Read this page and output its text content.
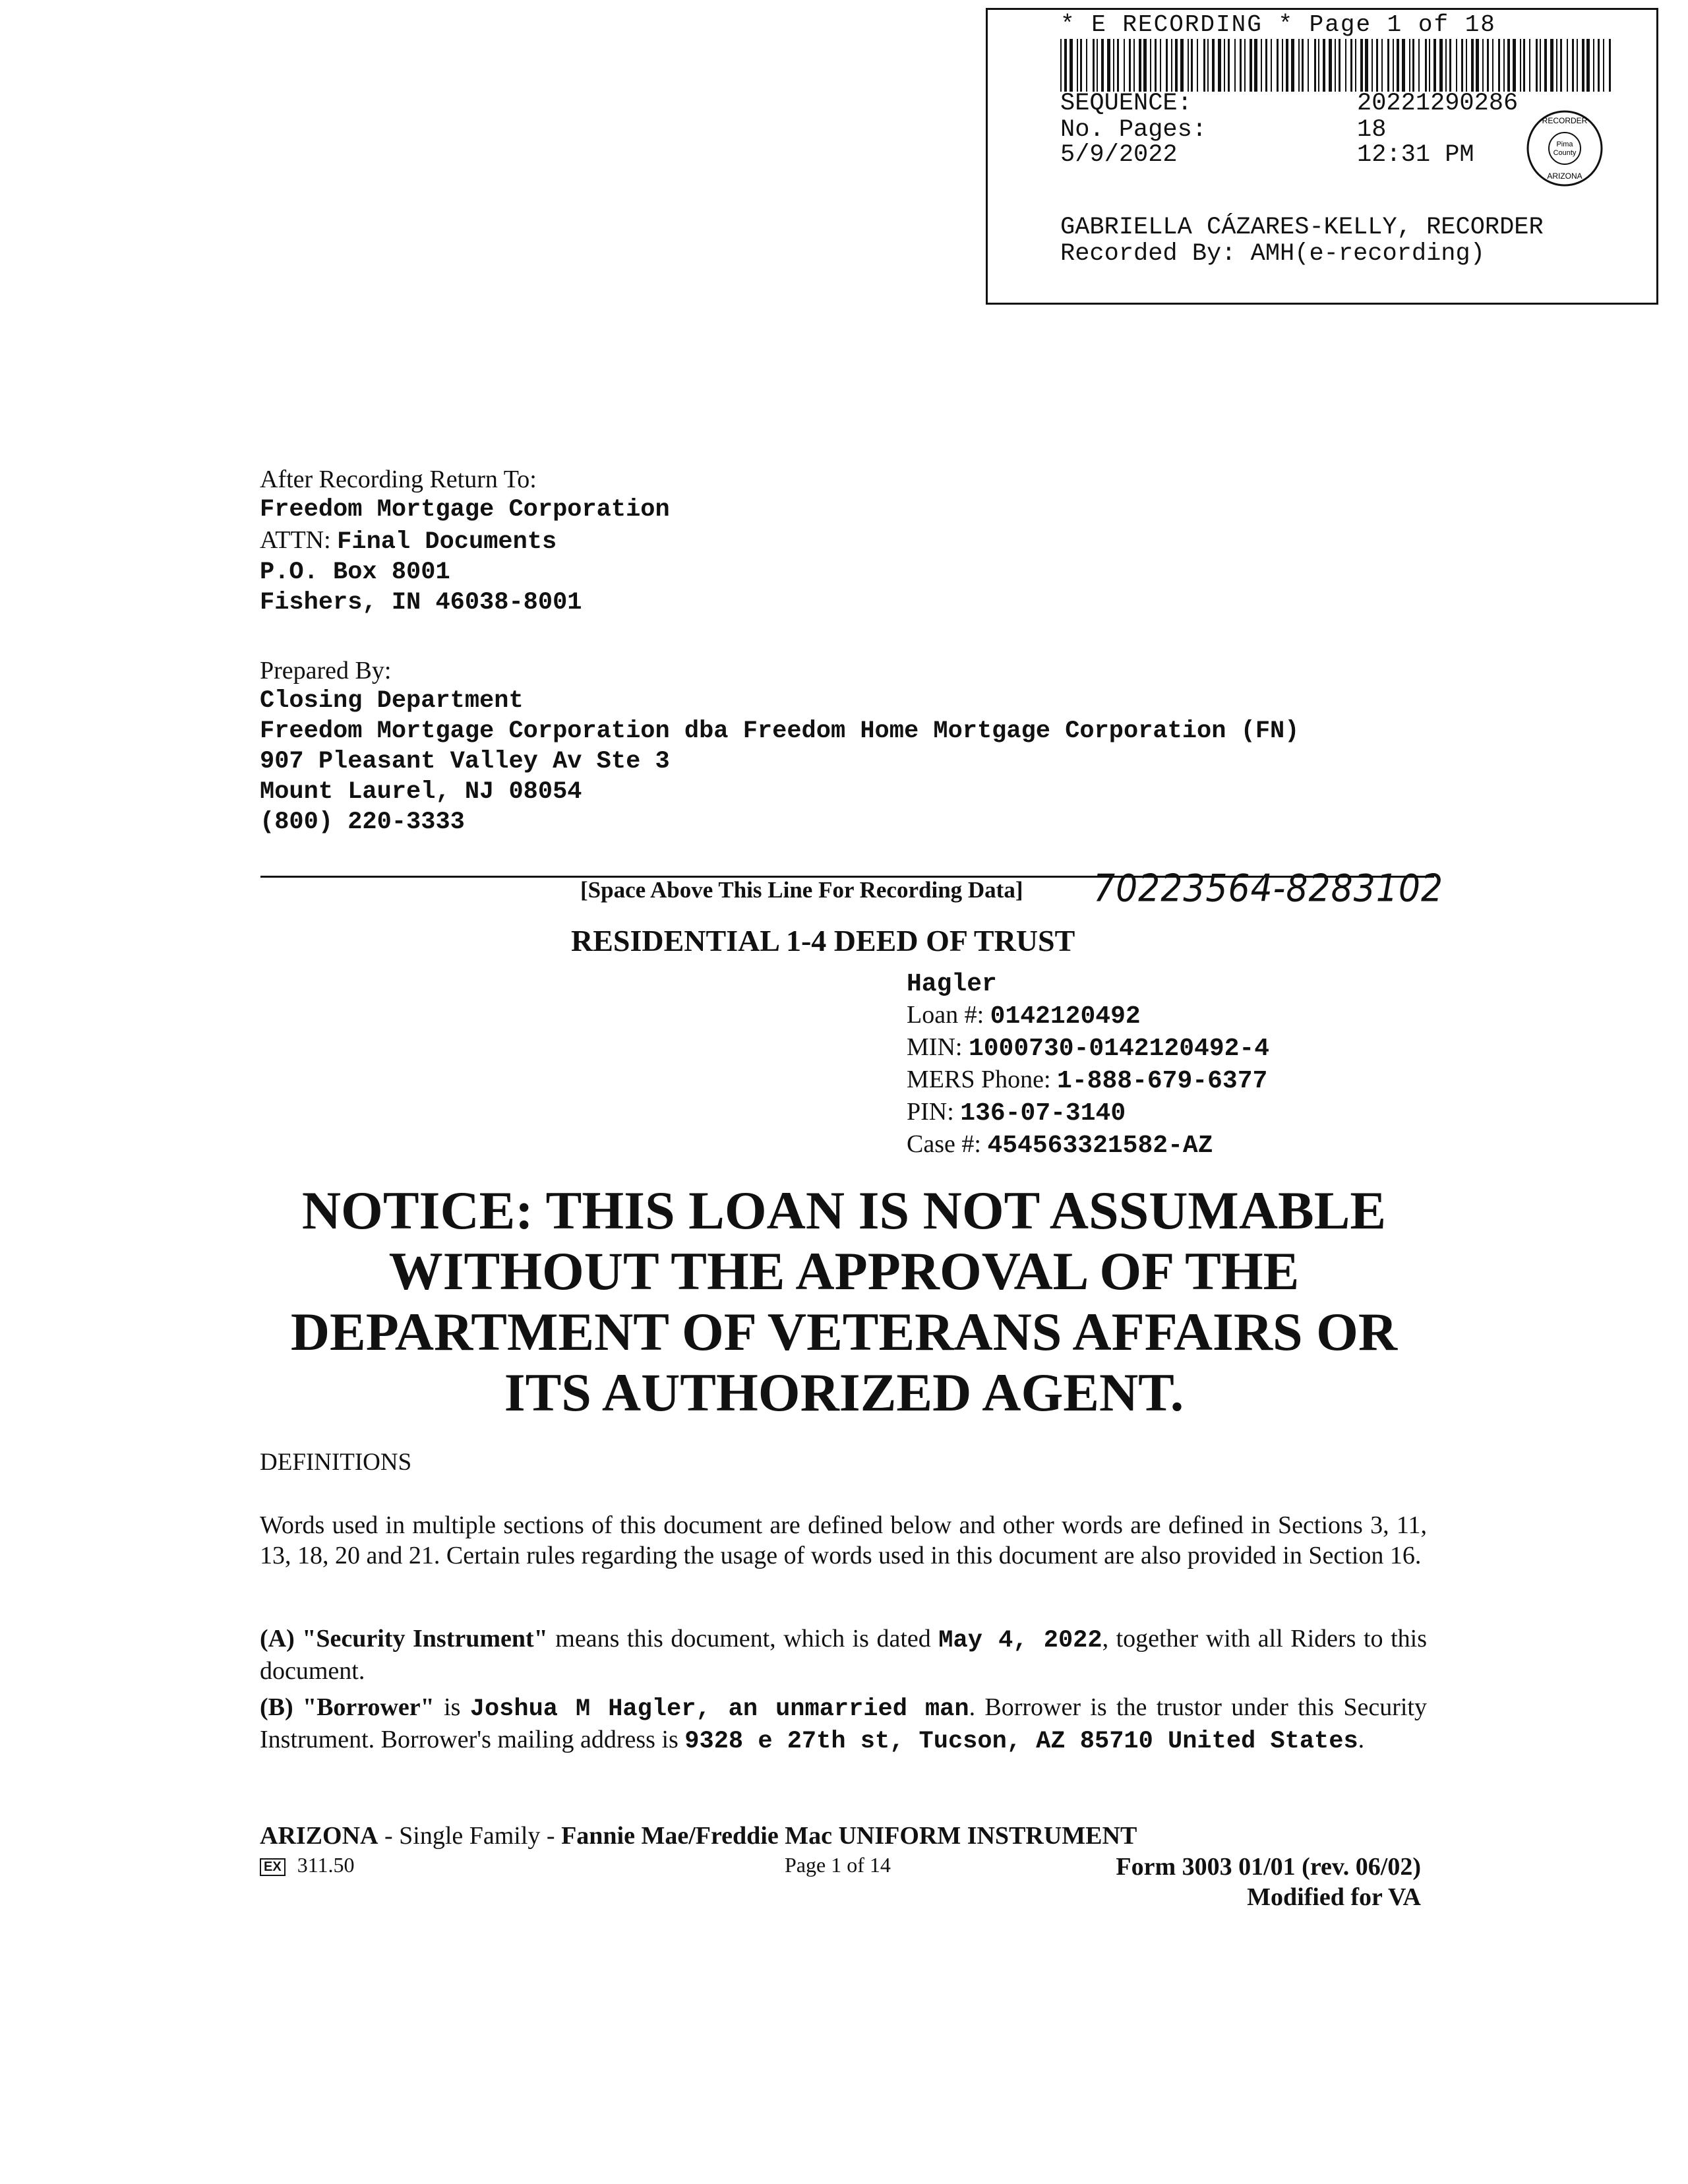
* E RECORDING * Page 1 of 18
SEQUENCE:	20221290286
No. Pages:	18
5/9/2022	12:31 PM	Pima
County
RECORDER
ARIZONA
GABRIELLA CÁZARES-KELLY, RECORDER
Recorded By: AMH(e-recording)
After Recording Return To:
Freedom Mortgage Corporation
ATTN: Final Documents
P.O. Box 8001
Fishers, IN 46038-8001
Prepared By:
Closing Department
Freedom Mortgage Corporation dba Freedom Home Mortgage Corporation (FN)
907 Pleasant Valley Av Ste 3
Mount Laurel, NJ 08054
(800) 220-3333
[Space Above This Line For Recording Data] 70223564-8283102
RESIDENTIAL 1-4 DEED OF TRUST
Hagler
Loan #: 0142120492
MIN: 1000730-0142120492-4
MERS Phone: 1-888-679-6377
PIN: 136-07-3140
Case #: 454563321582-AZ
NOTICE: THIS LOAN IS NOT ASSUMABLE
WITHOUT THE APPROVAL OF THE
DEPARTMENT OF VETERANS AFFAIRS OR
ITS AUTHORIZED AGENT.
DEFINITIONS
Words used in multiple sections of this document are defined below and other words are defined in Sections 3, 11, 13, 18, 20 and 21. Certain rules regarding the usage of words used in this document are also provided in Section 16.
(A) "Security Instrument" means this document, which is dated May 4, 2022, together with all Riders to this document.
(B) "Borrower" is Joshua M Hagler, an unmarried man. Borrower is the trustor under this Security Instrument. Borrower's mailing address is 9328 e 27th st, Tucson, AZ 85710 United States.
ARIZONA - Single Family - Fannie Mae/Freddie Mac UNIFORM INSTRUMENT
EX 311.50	Page 1 of 14	Form 3003 01/01 (rev. 06/02)
Modified for VA
